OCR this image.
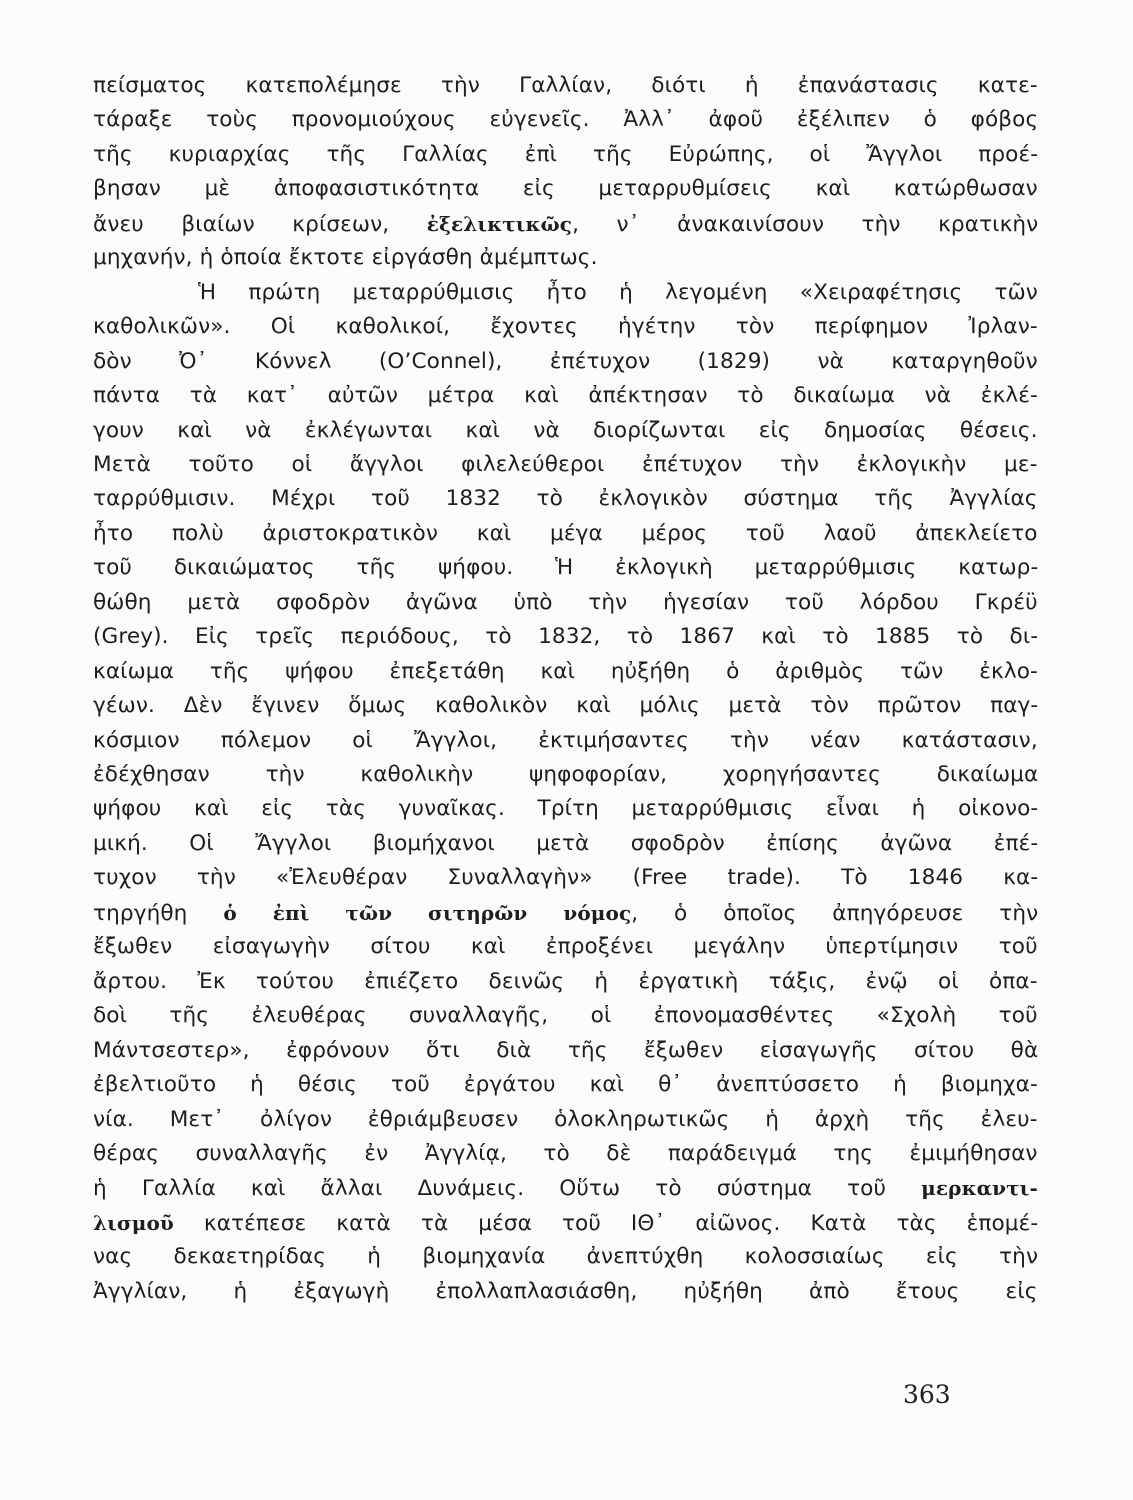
πείσματος κατεπολέμησε τὴν Γαλλίαν, διότι ἡ ἐπανάστασις κατε-
τάραξε τοὺς προνομιούχους εὐγενεῖς. Ἀλλ᾽ ἀφοῦ ἐξέλιπεν ὁ φόβος
τῆς κυριαρχίας τῆς Γαλλίας ἐπὶ τῆς Εὐρώπης, οἱ Ἄγγλοι προέ-
βησαν μὲ ἀποφασιστικότητα εἰς μεταρρυθμίσεις καὶ κατώρθωσαν
ἄνευ βιαίων κρίσεων, ἐξελικτικῶς, ν᾽ ἀνακαινίσουν τὴν κρατικὴν
μηχανήν, ἡ ὁποία ἔκτοτε εἰργάσθη ἀμέμπτως.
Ἡ πρώτη μεταρρύθμισις ἦτο ἡ λεγομένη «Χειραφέτησις τῶν
καθολικῶν». Οἱ καθολικοί, ἔχοντες ἡγέτην τὸν περίφημον Ἰρλαν-
δὸν Ὀ᾽ Κόννελ (O’Connel), ἐπέτυχον (1829) νὰ καταργηθοῦν
πάντα τὰ κατ᾽ αὐτῶν μέτρα καὶ ἀπέκτησαν τὸ δικαίωμα νὰ ἐκλέ-
γουν καὶ νὰ ἐκλέγωνται καὶ νὰ διορίζωνται εἰς δημοσίας θέσεις.
Μετὰ τοῦτο οἱ ἄγγλοι φιλελεύθεροι ἐπέτυχον τὴν ἐκλογικὴν με-
ταρρύθμισιν. Μέχρι τοῦ 1832 τὸ ἐκλογικὸν σύστημα τῆς Ἀγγλίας
ἦτο πολὺ ἀριστοκρατικὸν καὶ μέγα μέρος τοῦ λαοῦ ἀπεκλείετο
τοῦ δικαιώματος τῆς ψήφου. Ἡ ἐκλογικὴ μεταρρύθμισις κατωρ-
θώθη μετὰ σφοδρὸν ἀγῶνα ὑπὸ τὴν ἡγεσίαν τοῦ λόρδου Γκρέϋ
(Grey). Εἰς τρεῖς περιόδους, τὸ 1832, τὸ 1867 καὶ τὸ 1885 τὸ δι-
καίωμα τῆς ψήφου ἐπεξετάθη καὶ ηὐξήθη ὁ ἀριθμὸς τῶν ἐκλο-
γέων. Δὲν ἔγινεν ὅμως καθολικὸν καὶ μόλις μετὰ τὸν πρῶτον παγ-
κόσμιον πόλεμον οἱ Ἄγγλοι, ἐκτιμήσαντες τὴν νέαν κατάστασιν,
ἐδέχθησαν τὴν καθολικὴν ψηφοφορίαν, χορηγήσαντες δικαίωμα
ψήφου καὶ εἰς τὰς γυναῖκας. Τρίτη μεταρρύθμισις εἶναι ἡ οἰκονο-
μική. Οἱ Ἄγγλοι βιομήχανοι μετὰ σφοδρὸν ἐπίσης ἀγῶνα ἐπέ-
τυχον τὴν «Ἐλευθέραν Συναλλαγὴν» (Free trade). Τὸ 1846 κα-
τηργήθη ὁ ἐπὶ τῶν σιτηρῶν νόμος, ὁ ὁποῖος ἀπηγόρευσε τὴν
ἔξωθεν εἰσαγωγὴν σίτου καὶ ἐπροξένει μεγάλην ὑπερτίμησιν τοῦ
ἄρτου. Ἐκ τούτου ἐπιέζετο δεινῶς ἡ ἐργατικὴ τάξις, ἐνῷ οἱ ὀπα-
δοὶ τῆς ἐλευθέρας συναλλαγῆς, οἱ ἐπονομασθέντες «Σχολὴ τοῦ
Μάντσεστερ», ἐφρόνουν ὅτι διὰ τῆς ἔξωθεν εἰσαγωγῆς σίτου θὰ
ἐβελτιοῦτο ἡ θέσις τοῦ ἐργάτου καὶ θ᾽ ἀνεπτύσσετο ἡ βιομηχα-
νία. Μετ᾽ ὀλίγον ἐθριάμβευσεν ὁλοκληρωτικῶς ἡ ἀρχὴ τῆς ἐλευ-
θέρας συναλλαγῆς ἐν Ἀγγλίᾳ, τὸ δὲ παράδειγμά της ἐμιμήθησαν
ἡ Γαλλία καὶ ἄλλαι Δυνάμεις. Οὕτω τὸ σύστημα τοῦ μερκαντι-
λισμοῦ κατέπεσε κατὰ τὰ μέσα τοῦ ΙΘ᾽ αἰῶνος. Κατὰ τὰς ἑπομέ-
νας δεκαετηρίδας ἡ βιομηχανία ἀνεπτύχθη κολοσσιαίως εἰς τὴν
Ἀγγλίαν, ἡ ἐξαγωγὴ ἐπολλαπλασιάσθη, ηὐξήθη ἀπὸ ἔτους εἰς
363
